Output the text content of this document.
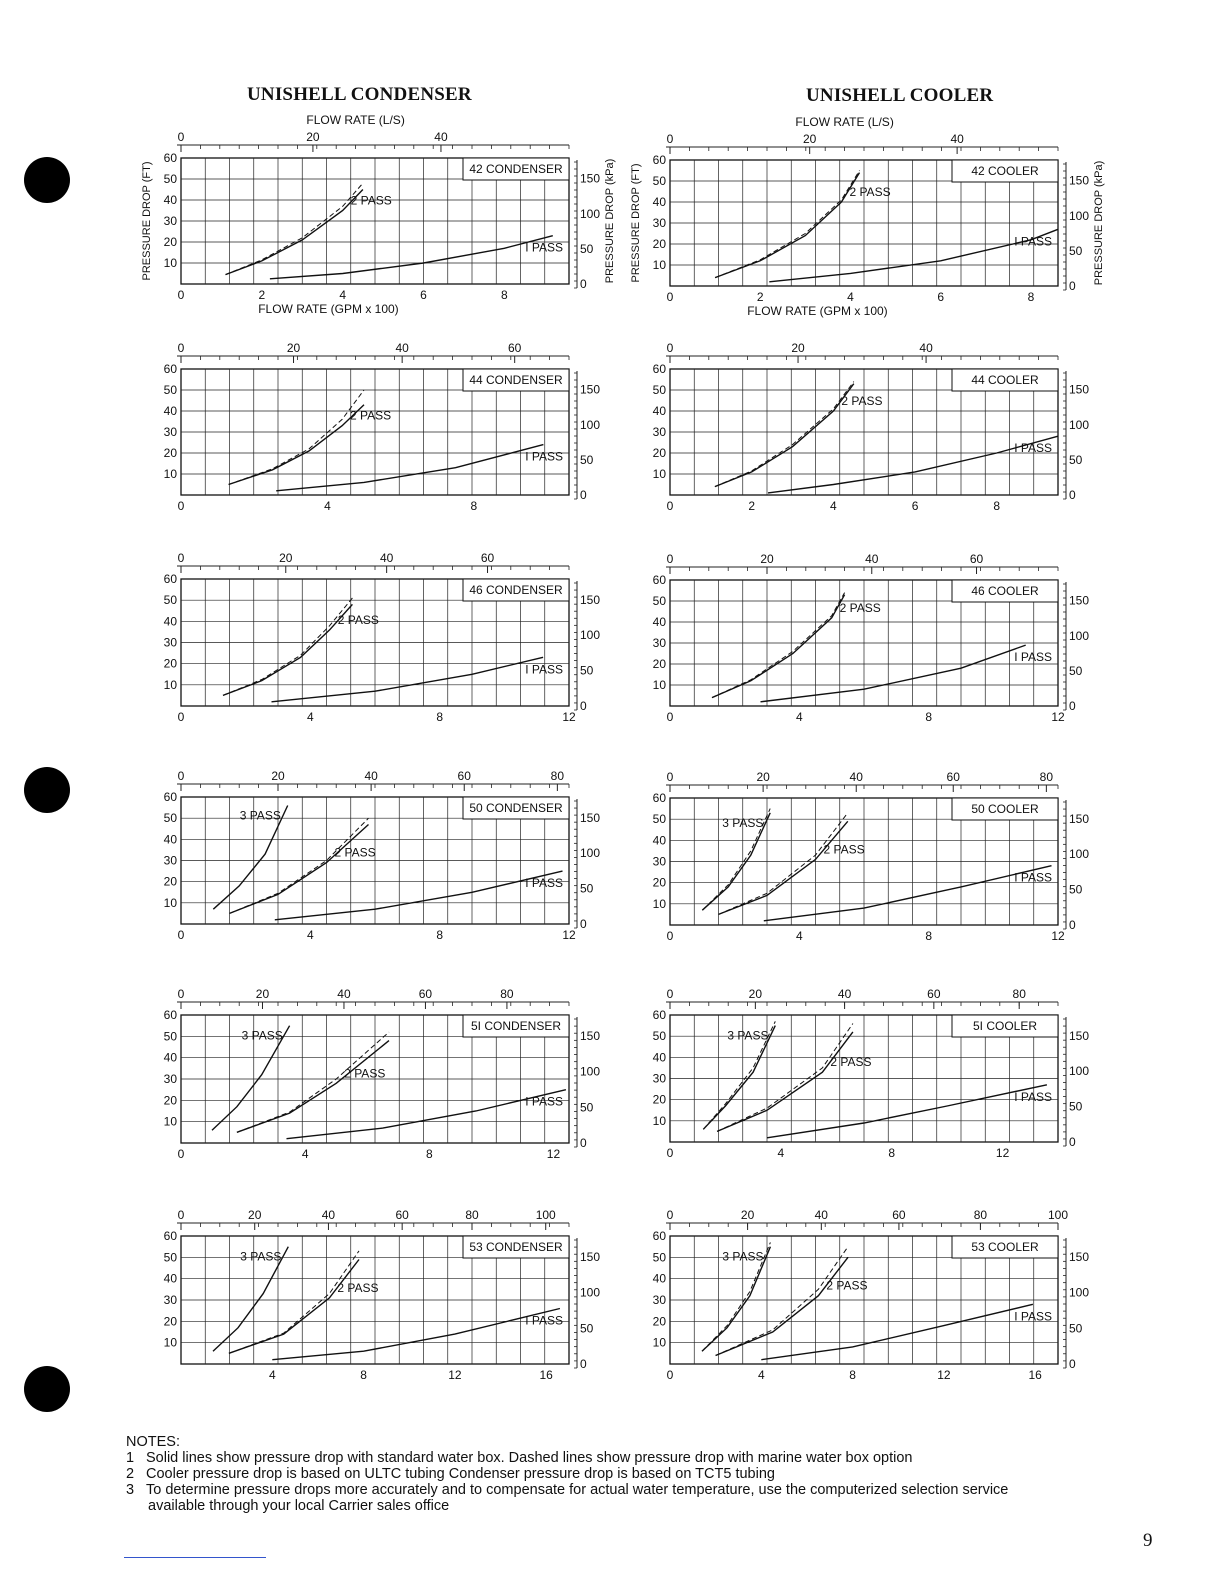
UNISHELL CONDENSER	UNISHELL COOLER
0	20	40
10
20
30
40
50
60
PRESSURE DROP (FT)
0
50
100
150 PRESSURE DROP (kPa)
0	2	4	6	8
FLOW RATE (GPM x 100)
FLOW RATE (L/S)
42 CONDENSER
2 PASS
I PASS
0	20	40
10
20
30
40
50
60
PRESSURE DROP (FT)
0
50
100
150 PRESSURE DROP (kPa)
0	2	4	6	8
FLOW RATE (GPM x 100)
FLOW RATE (L/S)
42 COOLER
2 PASS
I PASS
0	20	40	60
10
20
30
40
50
60
0
50
100
150
0	4	8
44 CONDENSER
2 PASS
I PASS
0	20	40
10
20
30
40
50
60
0
50
100
150
0	2	4	6	8
44 COOLER
2 PASS
I PASS
0	20	40	60
10
20
30
40
50
60
0
50
100
150
0	4	8	12
46 CONDENSER
2 PASS
I PASS
0	20	40	60
10
20
30
40
50
60
0
50
100
150
0	4	8	12
46 COOLER
2 PASS
I PASS
0	20	40	60	80
10
20
30
40
50
60
0
50
100
150
0	4	8	12
50 CONDENSER
3 PASS
2 PASS
I PASS
0	20	40	60	80
10
20
30
40
50
60
0
50
100
150
0	4	8	12
50 COOLER
3 PASS
2 PASS
I PASS
0	20	40	60	80
10
20
30
40
50
60
0
50
100
150
0	4	8	12
5I CONDENSER
3 PASS
2 PASS
I PASS
0	20	40	60	80
10
20
30
40
50
60
0
50
100
150
0	4	8	12
5I COOLER
3 PASS
2 PASS
I PASS
0	20	40	60	80	100
10
20
30
40
50
60
0
50
100
150
4	8	12	16
53 CONDENSER
3 PASS
2 PASS
I PASS
0	20	40	60	80	100
10
20
30
40
50
60
0
50
100
150
0	4	8	12	16
53 COOLER
3 PASS
2 PASS
I PASS
NOTES:
1 Solid lines show pressure drop with standard water box. Dashed lines show pressure drop with marine water box option
2 Cooler pressure drop is based on ULTC tubing Condenser pressure drop is based on TCT5 tubing
3 To determine pressure drops more accurately and to compensate for actual water temperature, use the computerized selection service
available through your local Carrier sales office
9
